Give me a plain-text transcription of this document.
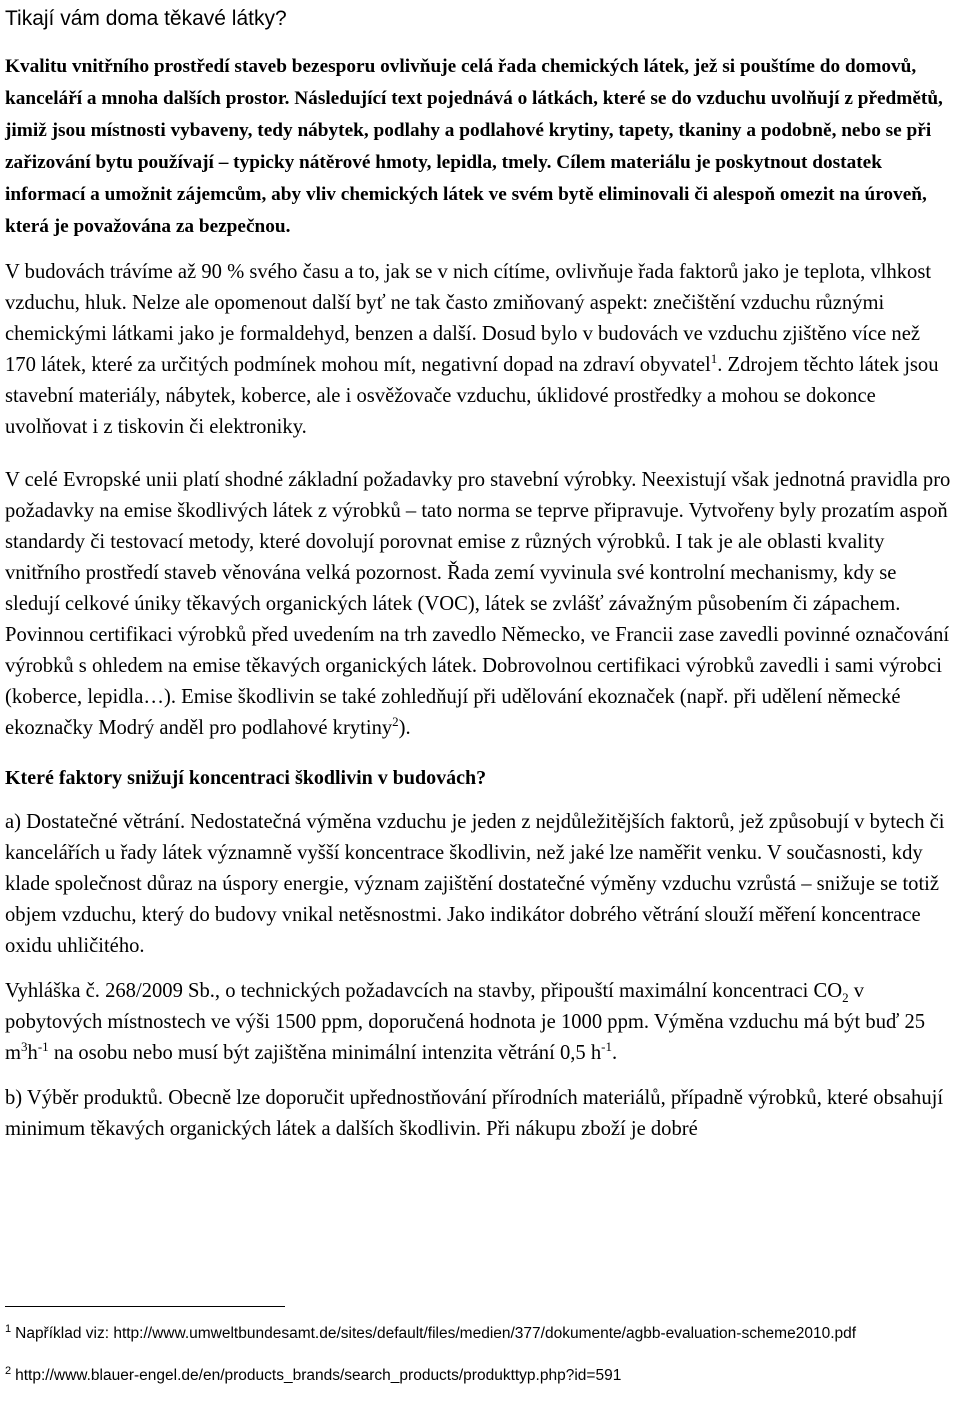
Tikají vám doma těkavé látky?

Kvalitu vnitřního prostředí staveb bezesporu ovlivňuje celá řada chemických látek, jež si pouštíme do domovů, kanceláří a mnoha dalších prostor. Následující text pojednává o látkách, které se do vzduchu uvolňují z předmětů, jimiž jsou místnosti vybaveny, tedy nábytek, podlahy a podlahové krytiny, tapety, tkaniny a podobně, nebo se při zařizování bytu používají – typicky nátěrové hmoty, lepidla, tmely. Cílem materiálu je poskytnout dostatek informací a umožnit zájemcům, aby vliv chemických látek ve svém bytě eliminovali či alespoň omezit na úroveň, která je považována za bezpečnou.

V budovách trávíme až 90 % svého času a to, jak se v nich cítíme, ovlivňuje řada faktorů jako je teplota, vlhkost vzduchu, hluk. Nelze ale opomenout další byť ne tak často zmiňovaný aspekt: znečištění vzduchu různými chemickými látkami jako je formaldehyd, benzen a další. Dosud bylo v budovách ve vzduchu zjištěno více než 170 látek, které za určitých podmínek mohou mít, negativní dopad na zdraví obyvatel$^1$. Zdrojem těchto látek jsou stavební materiály, nábytek, koberce, ale i osvěžovače vzduchu, úklidové prostředky a mohou se dokonce uvolňovat i z tiskovin či elektroniky.

V celé Evropské unii platí shodné základní požadavky pro stavební výrobky. Neexistují však jednotná pravidla pro požadavky na emise škodlivých látek z výrobků – tato norma se teprve připravuje. Vytvořeny byly prozatím aspoň standardy či testovací metody, které dovolují porovnat emise z různých výrobků. I tak je ale oblasti kvality vnitřního prostředí staveb věnována velká pozornost. Řada zemí vyvinula své kontrolní mechanismy, kdy se sledují celkové úniky těkavých organických látek (VOC), látek se zvlášť závažným působením či zápachem. Povinnou certifikaci výrobků před uvedením na trh zavedlo Německo, ve Francii zase zavedli povinné označování výrobků s ohledem na emise těkavých organických látek. Dobrovolnou certifikaci výrobků zavedli i sami výrobci (koberce, lepidla…). Emise škodlivin se také zohledňují při udělování ekoznaček (např. při udělení německé ekoznačky Modrý anděl pro podlahové krytiny$^2$).

Které faktory snižují koncentraci škodlivin v budovách?

a) Dostatečné větrání. Nedostatečná výměna vzduchu je jeden z nejdůležitějších faktorů, jež způsobují v bytech či kancelářích u řady látek významně vyšší koncentrace škodlivin, než jaké lze naměřit venku. V současnosti, kdy klade společnost důraz na úspory energie, význam zajištění dostatečné výměny vzduchu vzrůstá – snižuje se totiž objem vzduchu, který do budovy vnikal netěsnostmi. Jako indikátor dobrého větrání slouží měření koncentrace oxidu uhličitého.

Vyhláška č. 268/2009 Sb., o technických požadavcích na stavby, připouští maximální koncentraci $CO_2$ v pobytových místnostech ve výši 1500 ppm, doporučená hodnota je 1000 ppm. Výměna vzduchu má být buď 25 $m^3h^{-1}$ na osobu nebo musí být zajištěna minimální intenzita větrání 0,5 $h^{-1}$.

b) Výběr produktů. Obecně lze doporučit upřednostňování přírodních materiálů, případně výrobků, které obsahují minimum těkavých organických látek a dalších škodlivin. Při nákupu zboží je dobré

$^1$ Například viz: http://www.umweltbundesamt.de/sites/default/files/medien/377/dokumente/agbb-evaluation-scheme2010.pdf

$^2$ http://www.blauer-engel.de/en/products_brands/search_products/produkttyp.php?id=591
